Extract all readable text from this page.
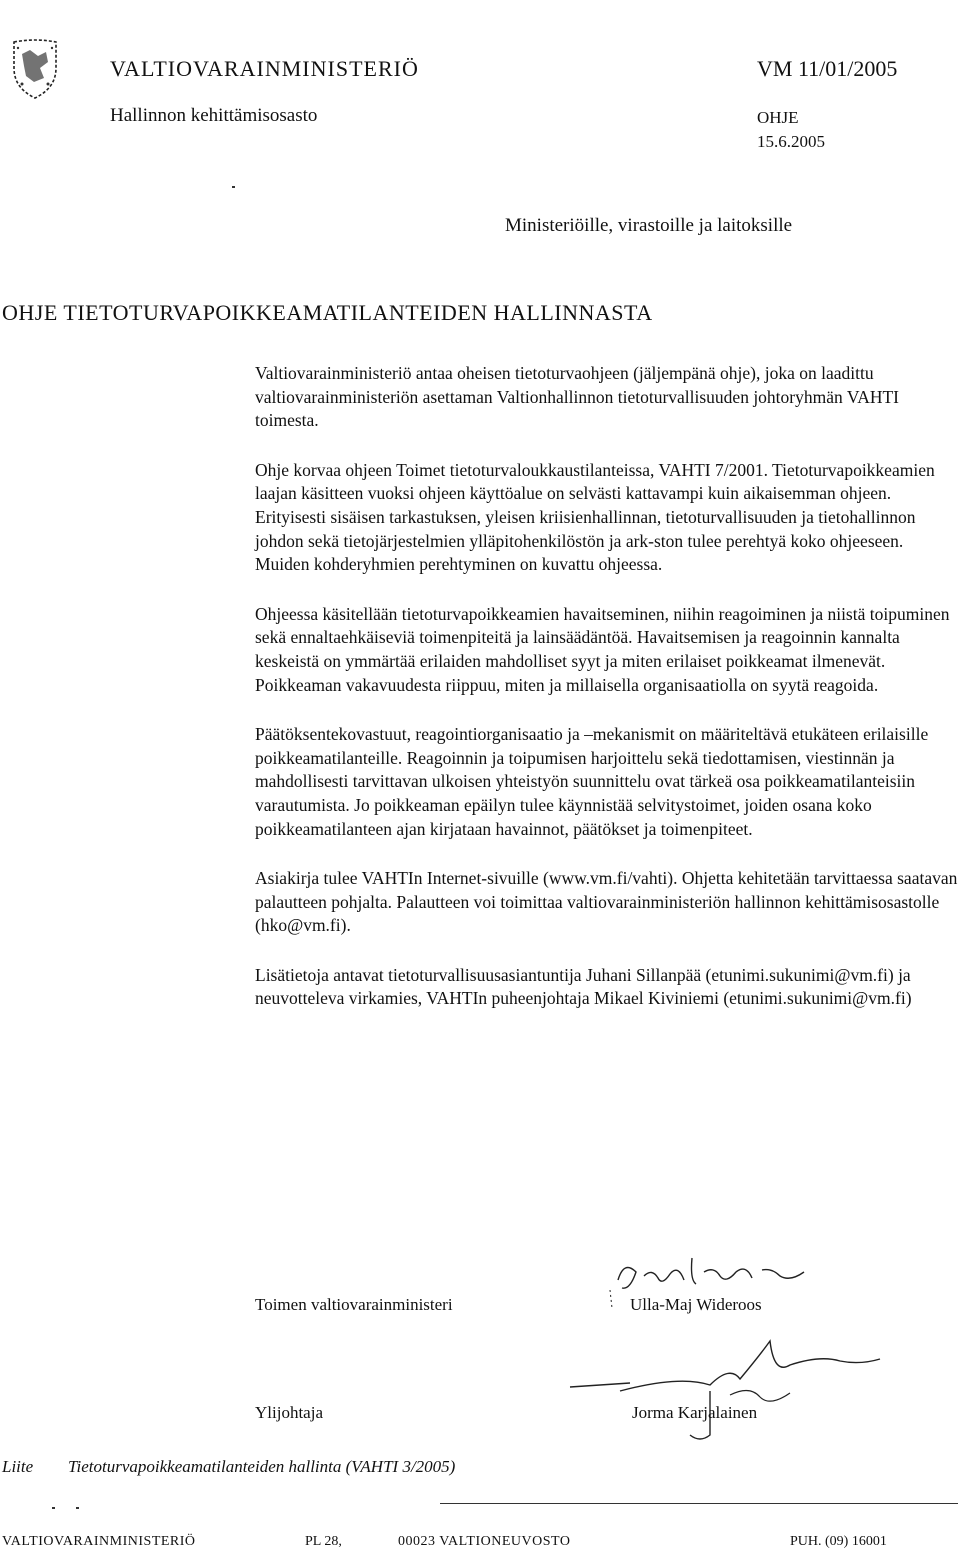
VALTIOVARAINMINISTERIÖ
Hallinnon kehittämisosasto
VM 11/01/2005
OHJE
15.6.2005
Ministeriöille, virastoille ja laitoksille
OHJE TIETOTURVAPOIKKEAMATILANTEIDEN HALLINNASTA

Valtiovarainministeriö antaa oheisen tietoturvaohjeen (jäljempänä ohje), joka on laadittu valtiovarainministeriön asettaman Valtionhallinnon tietoturvallisuuden johtoryhmän VAHTI toimesta.

Ohje korvaa ohjeen Toimet tietoturvaloukkaustilanteissa, VAHTI 7/2001. Tietoturvapoikkeamien laajan käsitteen vuoksi ohjeen käyttöalue on selvästi kattavampi kuin aikaisemman ohjeen. Erityisesti sisäisen tarkastuksen, yleisen kriisienhallinnan, tietoturvallisuuden ja tietohallinnon johdon sekä tietojärjestelmien ylläpitohenkilöstön ja ark-ston tulee perehtyä koko ohjeeseen. Muiden kohderyhmien perehtyminen on kuvattu ohjeessa.

Ohjeessa käsitellään tietoturvapoikkeamien havaitseminen, niihin reagoiminen ja niistä toipuminen sekä ennaltaehkäiseviä toimenpiteitä ja lainsäädäntöä. Havaitsemisen ja reagoinnin kannalta keskeistä on ymmärtää erilaiden mahdolliset syyt ja miten erilaiset poikkeamat ilmenevät. Poikkeaman vakavuudesta riippuu, miten ja millaisella organisaatiolla on syytä reagoida.

Päätöksentekovastuut, reagointiorganisaatio ja –mekanismit on määriteltävä etukäteen erilaisille poikkeamatilanteille. Reagoinnin ja toipumisen harjoittelu sekä tiedottamisen, viestinnän ja mahdollisesti tarvittavan ulkoisen yhteistyön suunnittelu ovat tärkeä osa poikkeamatilanteisiin varautumista. Jo poikkeaman epäilyn tulee käynnistää selvitystoimet, joiden osana koko poikkeamatilanteen ajan kirjataan havainnot, päätökset ja toimenpiteet.

Asiakirja tulee VAHTIn Internet-sivuille (www.vm.fi/vahti). Ohjetta kehitetään tarvittaessa saatavan palautteen pohjalta. Palautteen voi toimittaa valtiovarainministeriön hallinnon kehittämisosastolle (hko@vm.fi).

Lisätietoja antavat tietoturvallisuusasiantuntija Juhani Sillanpää (etunimi.sukunimi@vm.fi) ja neuvotteleva virkamies, VAHTIn puheenjohtaja Mikael Kiviniemi (etunimi.sukunimi@vm.fi)

Toimen valtiovarainministeri	Ulla-Maj Wideroos
Ylijohtaja	Jorma Karjalainen
Liite Tietoturvapoikkeamatilanteiden hallinta (VAHTI 3/2005)
VALTIOVARAINMINISTERIÖ	PL 28,	00023 VALTIONEUVOSTO	PUH. (09) 16001
